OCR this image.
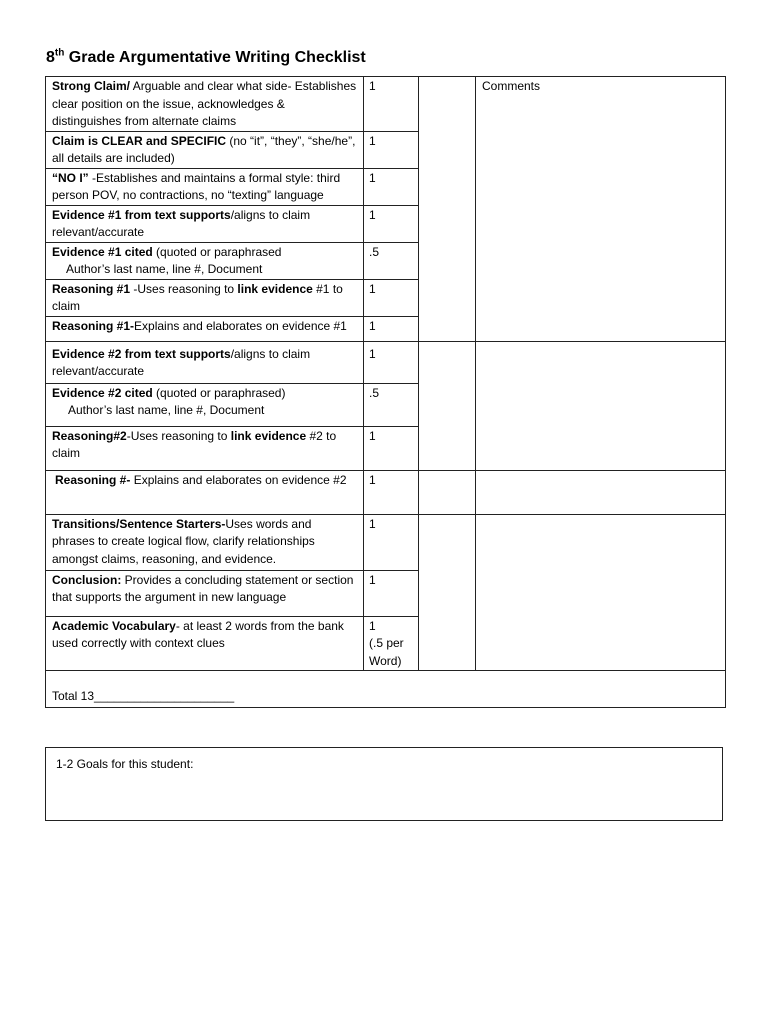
8th Grade Argumentative Writing Checklist
Strong Claim/ Arguable and clear what side- Establishes clear position on the issue, acknowledges & distinguishes from alternate claims	1		Comments
Claim is CLEAR and SPECIFIC (no “it”, “they”, “she/he”, all details are included)	1		
“NO I” -Establishes and maintains a formal style: third person POV, no contractions, no “texting” language	1		
Evidence #1 from text supports/aligns to claim relevant/accurate	1		
Evidence #1 cited (quoted or paraphrased
Author’s last name, line #, Document	.5		
Reasoning #1 -Uses reasoning to link evidence #1 to claim	1		
Reasoning #1-Explains and elaborates on evidence #1	1		
Evidence #2 from text supports/aligns to claim relevant/accurate	1		
Evidence #2 cited (quoted or paraphrased)
Author’s last name, line #, Document	.5		
Reasoning#2-Uses reasoning to link evidence #2 to claim	1		
Reasoning #- Explains and elaborates on evidence #2	1		
Transitions/Sentence Starters-Uses words and phrases to create logical flow, clarify relationships amongst claims, reasoning, and evidence.	1		
Conclusion: Provides a concluding statement or section that supports the argument in new language	1		
Academic Vocabulary- at least 2 words from the bank used correctly with context clues	1
(.5 per
Word)		
Total 13_____________________			
1-2 Goals for this student:
